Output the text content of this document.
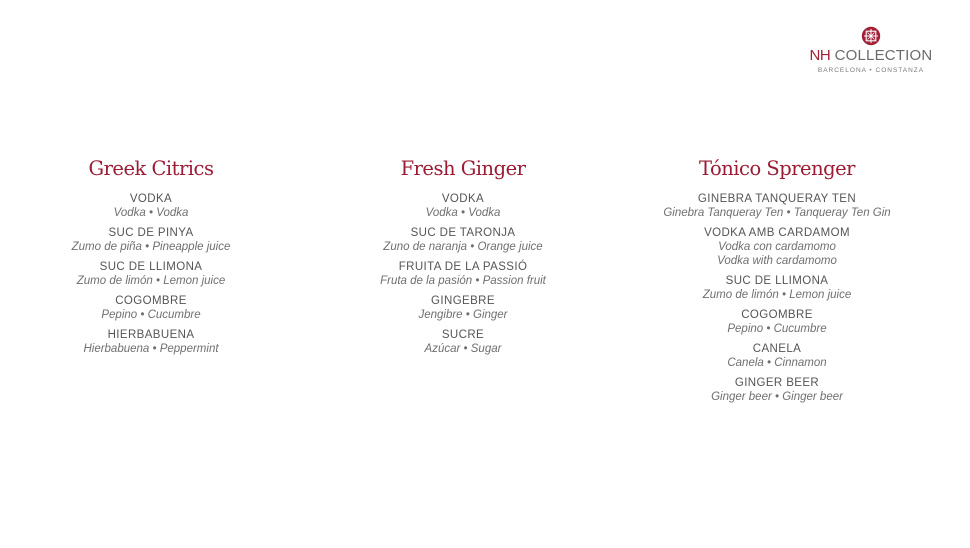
NH COLLECTION
BARCELONA • CONSTANZA
Greek Citrics
VODKA
Vodka • Vodka
SUC DE PINYA
Zumo de piña • Pineapple juice
SUC DE LLIMONA
Zumo de limón • Lemon juice
COGOMBRE
Pepino • Cucumbre
HIERBABUENA
Hierbabuena • Peppermint
Fresh Ginger
VODKA
Vodka • Vodka
SUC DE TARONJA
Zuno de naranja • Orange juice
FRUITA DE LA PASSIÓ
Fruta de la pasión • Passion fruit
GINGEBRE
Jengibre • Ginger
SUCRE
Azúcar • Sugar
Tónico Sprenger
GINEBRA TANQUERAY TEN
Ginebra Tanqueray Ten • Tanqueray Ten Gin
VODKA AMB CARDAMOM
Vodka con cardamomo
Vodka with cardamomo
SUC DE LLIMONA
Zumo de limón • Lemon juice
COGOMBRE
Pepino • Cucumbre
CANELA
Canela • Cinnamon
GINGER BEER
Ginger beer • Ginger beer
